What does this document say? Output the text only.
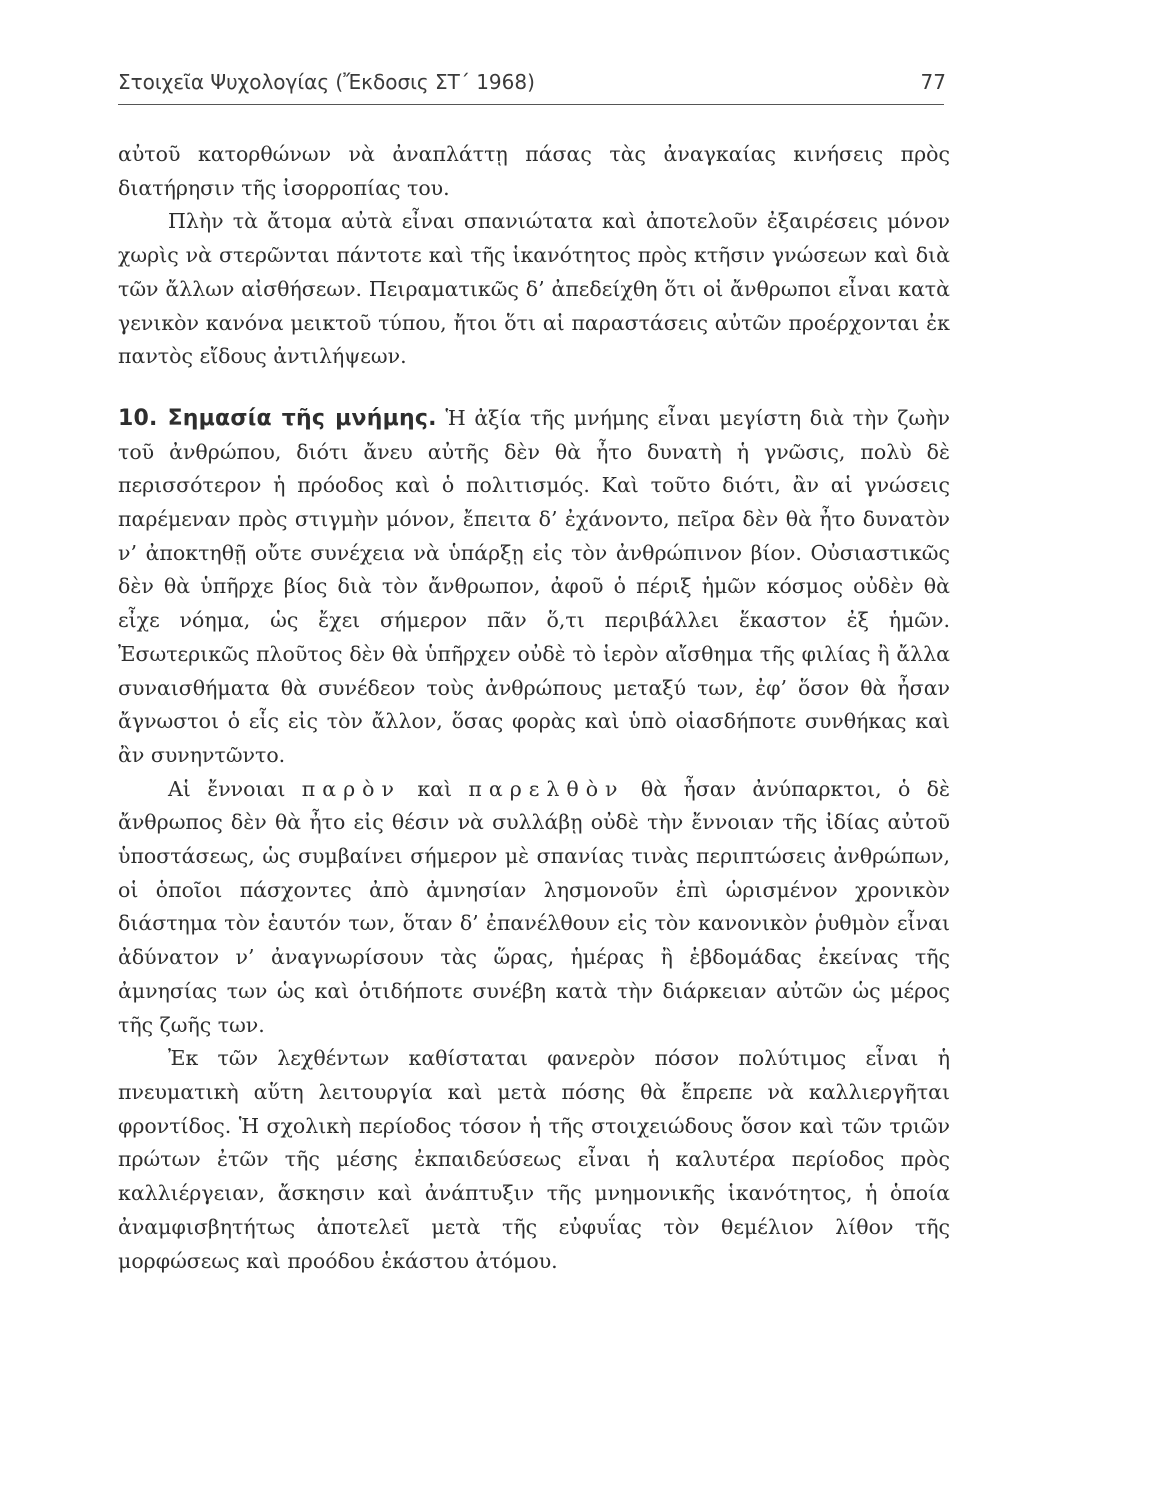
Στοιχεῖα Ψυχολογίας (Ἔκδοσις ΣΤ΄ 1968)	77

αὐτοῦ κατορθώνων νὰ ἀναπλάττῃ πάσας τὰς ἀναγκαίας κινήσεις πρὸς διατήρησιν τῆς ἰσορροπίας του.

Πλὴν τὰ ἄτομα αὐτὰ εἶναι σπανιώτατα καὶ ἀποτελοῦν ἐξαιρέσεις μόνον χωρὶς νὰ στερῶνται πάντοτε καὶ τῆς ἱκανότητος πρὸς κτῆσιν γνώσεων καὶ διὰ τῶν ἄλλων αἰσθήσεων. Πειραματικῶς δ’ ἀπεδείχθη ὅτι οἱ ἄνθρωποι εἶναι κατὰ γενικὸν κανόνα μεικτοῦ τύπου, ἤτοι ὅτι αἱ παραστάσεις αὐτῶν προέρχονται ἐκ παντὸς εἴδους ἀντιλήψεων.

10. Σημασία τῆς μνήμης. Ἡ ἀξία τῆς μνήμης εἶναι μεγίστη διὰ τὴν ζωὴν τοῦ ἀνθρώπου, διότι ἄνευ αὐτῆς δὲν θὰ ἦτο δυνατὴ ἡ γνῶσις, πολὺ δὲ περισσότερον ἡ πρόοδος καὶ ὁ πολιτισμός. Καὶ τοῦτο διότι, ἂν αἱ γνώσεις παρέμεναν πρὸς στιγμὴν μόνον, ἔπειτα δ’ ἐχάνοντο, πεῖρα δὲν θὰ ἦτο δυνατὸν ν’ ἀποκτηθῇ οὔτε συνέχεια νὰ ὑπάρξῃ εἰς τὸν ἀνθρώπινον βίον. Οὐσιαστικῶς δὲν θὰ ὑπῆρχε βίος διὰ τὸν ἄνθρωπον, ἀφοῦ ὁ πέριξ ἡμῶν κόσμος οὐδὲν θὰ εἶχε νόημα, ὡς ἔχει σήμερον πᾶν ὅ,τι περιβάλλει ἕκαστον ἐξ ἡμῶν. Ἐσωτερικῶς πλοῦτος δὲν θὰ ὑπῆρχεν οὐδὲ τὸ ἱερὸν αἴσθημα τῆς φιλίας ἢ ἄλλα συναισθήματα θὰ συνέδεον τοὺς ἀνθρώπους μεταξύ των, ἐφ’ ὅσον θὰ ἦσαν ἄγνωστοι ὁ εἷς εἰς τὸν ἄλλον, ὅσας φορὰς καὶ ὑπὸ οἱασδήποτε συνθήκας καὶ ἂν συνηντῶντο.

Αἱ ἔννοιαι παρὸν καὶ παρελθὸν θὰ ἦσαν ἀνύπαρκτοι, ὁ δὲ ἄνθρωπος δὲν θὰ ἦτο εἰς θέσιν νὰ συλλάβῃ οὐδὲ τὴν ἔννοιαν τῆς ἰδίας αὐτοῦ ὑποστάσεως, ὡς συμβαίνει σήμερον μὲ σπανίας τινὰς περιπτώσεις ἀνθρώπων, οἱ ὁποῖοι πάσχοντες ἀπὸ ἀμνησίαν λησμονοῦν ἐπὶ ὡρισμένον χρονικὸν διάστημα τὸν ἑαυτόν των, ὅταν δ’ ἐπανέλθουν εἰς τὸν κανονικὸν ῥυθμὸν εἶναι ἀδύνατον ν’ ἀναγνωρίσουν τὰς ὥρας, ἡμέρας ἢ ἑβδομάδας ἐκείνας τῆς ἀμνησίας των ὡς καὶ ὁτιδήποτε συνέβη κατὰ τὴν διάρκειαν αὐτῶν ὡς μέρος τῆς ζωῆς των.

Ἐκ τῶν λεχθέντων καθίσταται φανερὸν πόσον πολύτιμος εἶναι ἡ πνευματικὴ αὕτη λειτουργία καὶ μετὰ πόσης θὰ ἔπρεπε νὰ καλλιεργῆται φροντίδος. Ἡ σχολικὴ περίοδος τόσον ἡ τῆς στοιχειώδους ὅσον καὶ τῶν τριῶν πρώτων ἐτῶν τῆς μέσης ἐκπαιδεύσεως εἶναι ἡ καλυτέρα περίοδος πρὸς καλλιέργειαν, ἄσκησιν καὶ ἀνάπτυξιν τῆς μνημονικῆς ἱκανότητος, ἡ ὁποία ἀναμφισβητήτως ἀποτελεῖ μετὰ τῆς εὐφυΐας τὸν θεμέλιον λίθον τῆς μορφώσεως καὶ προόδου ἑκάστου ἀτόμου.
